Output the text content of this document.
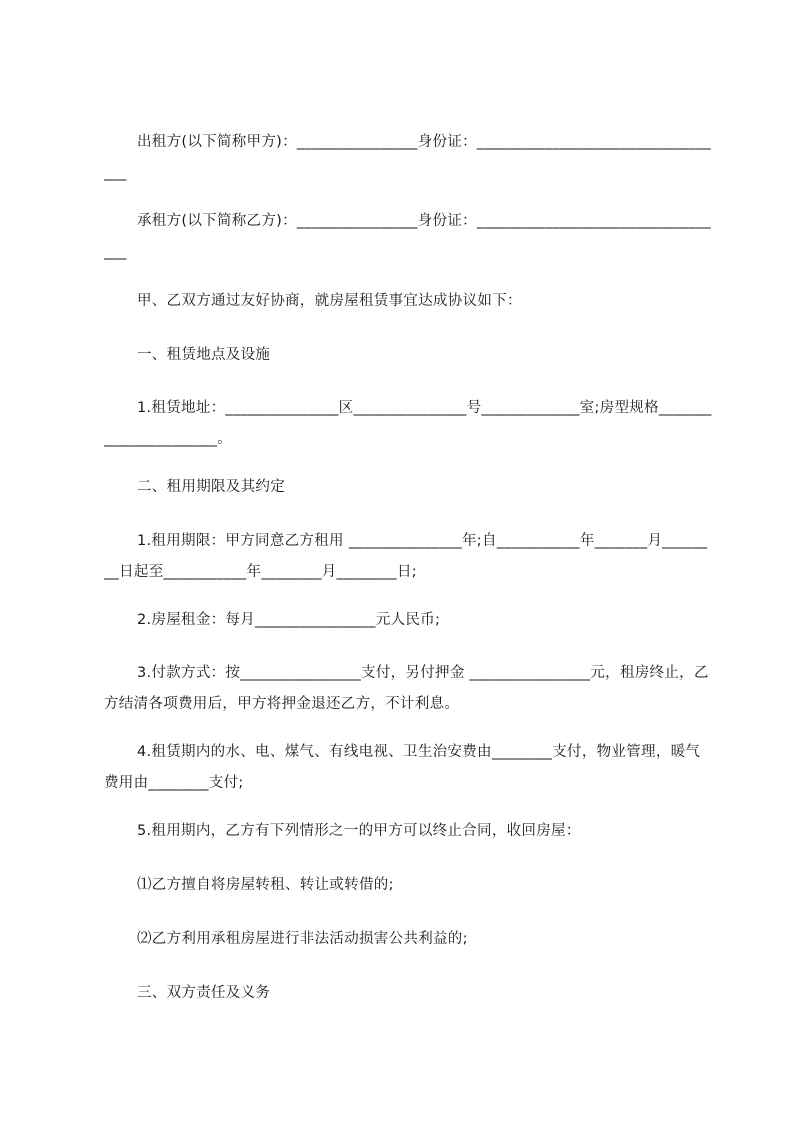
出租方(以下简称甲方)：________________身份证：__________________________________

承租方(以下简称乙方)：________________身份证：__________________________________

甲、乙双方通过友好协商，就房屋租赁事宜达成协议如下：

一、租赁地点及设施

1.租赁地址：_______________区_______________号_____________室;房型规格______________________。

二、租用期限及其约定

1.租用期限：甲方同意乙方租用 _______________年;自___________年_______月________日起至___________年________月________日;

2.房屋租金：每月________________元人民币;

3.付款方式：按________________支付，另付押金 ________________元，租房终止，乙方结清各项费用后，甲方将押金退还乙方，不计利息。

4.租赁期内的水、电、煤气、有线电视、卫生治安费由________支付，物业管理，暖气费用由________支付;

5.租用期内，乙方有下列情形之一的甲方可以终止合同，收回房屋：

⑴乙方擅自将房屋转租、转让或转借的;

⑵乙方利用承租房屋进行非法活动损害公共利益的;

三、双方责任及义务
